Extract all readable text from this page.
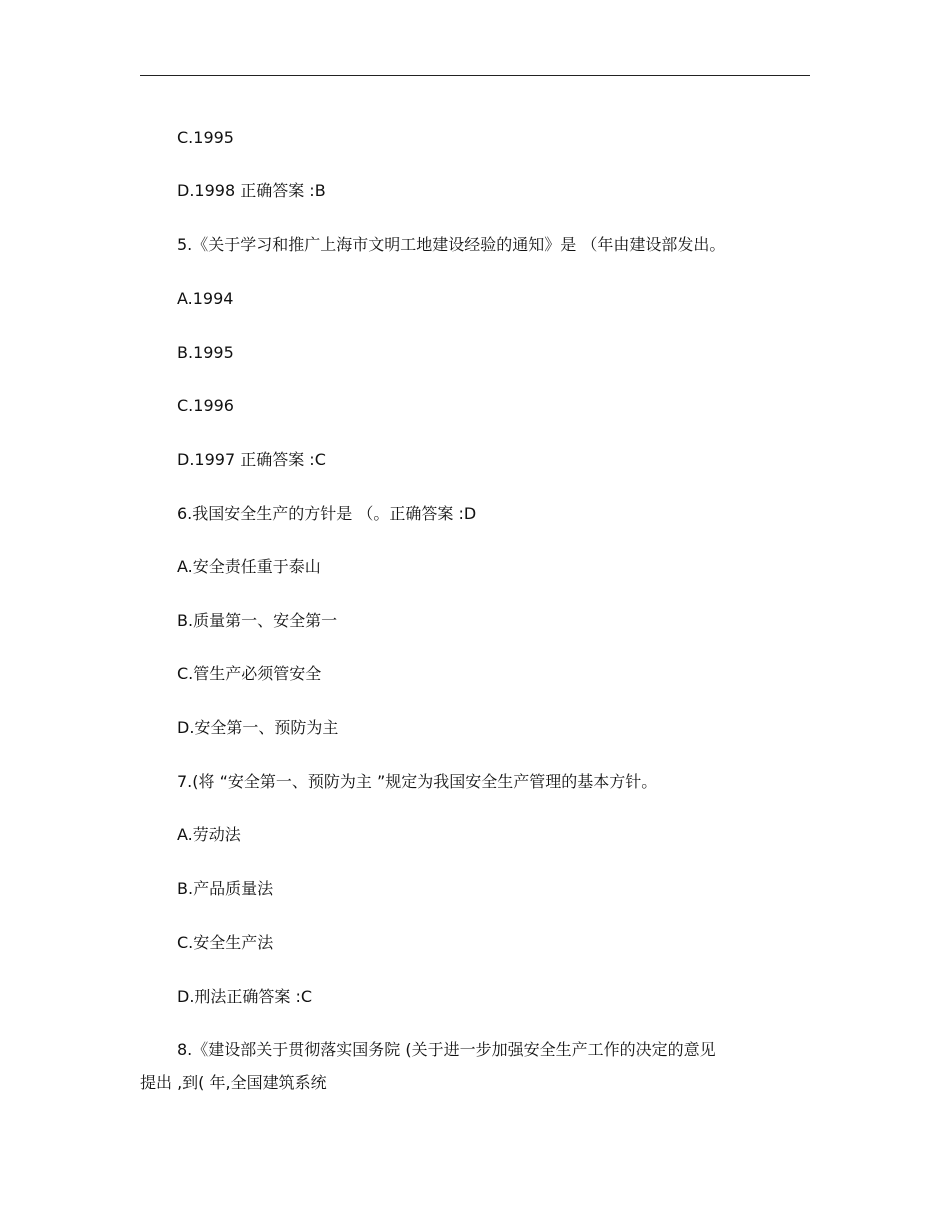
C.1995
D.1998 正确答案 :B
5.《关于学习和推广上海市文明工地建设经验的通知》是 （年由建设部发出。
A.1994
B.1995
C.1996
D.1997 正确答案 :C
6.我国安全生产的方针是 （。正确答案 :D
A.安全责任重于泰山
B.质量第一、安全第一
C.管生产必须管安全
D.安全第一、预防为主
7.(将 “安全第一、预防为主 ”规定为我国安全生产管理的基本方针。
A.劳动法
B.产品质量法
C.安全生产法
D.刑法正确答案 :C
8.《建设部关于贯彻落实国务院 (关于进一步加强安全生产工作的决定的意见
提出 ,到( 年,全国建筑系统
